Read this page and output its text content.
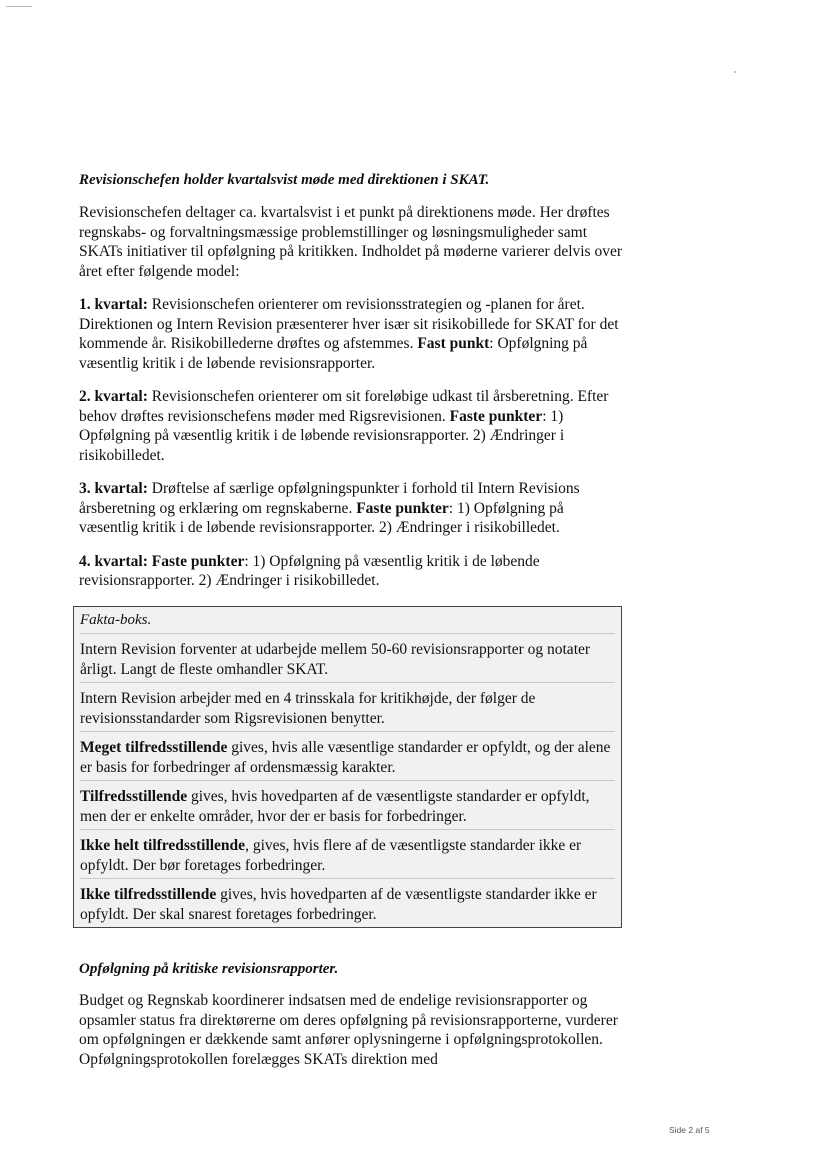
Revisionschefen holder kvartalsvist møde med direktionen i SKAT.

Revisionschefen deltager ca. kvartalsvist i et punkt på direktionens møde. Her drøftes regnskabs- og forvaltningsmæssige problemstillinger og løsningsmuligheder samt SKATs initiativer til opfølgning på kritikken. Indholdet på møderne varierer delvis over året efter følgende model:

1. kvartal: Revisionschefen orienterer om revisionsstrategien og -planen for året. Direktionen og Intern Revision præsenterer hver især sit risikobillede for SKAT for det kommende år. Risikobillederne drøftes og afstemmes. Fast punkt: Opfølgning på væsentlig kritik i de løbende revisionsrapporter.

2. kvartal: Revisionschefen orienterer om sit foreløbige udkast til årsberetning. Efter behov drøftes revisionschefens møder med Rigsrevisionen. Faste punkter: 1) Opfølgning på væsentlig kritik i de løbende revisionsrapporter. 2) Ændringer i risikobilledet.

3. kvartal: Drøftelse af særlige opfølgningspunkter i forhold til Intern Revisions årsberetning og erklæring om regnskaberne. Faste punkter: 1) Opfølgning på væsentlig kritik i de løbende revisionsrapporter. 2) Ændringer i risikobilledet.

4. kvartal: Faste punkter: 1) Opfølgning på væsentlig kritik i de løbende revisionsrapporter. 2) Ændringer i risikobilledet.

Fakta-boks.
Intern Revision forventer at udarbejde mellem 50-60 revisionsrapporter og notater årligt. Langt de fleste omhandler SKAT.
Intern Revision arbejder med en 4 trinsskala for kritikhøjde, der følger de revisionsstandarder som Rigsrevisionen benytter.
Meget tilfredsstillende gives, hvis alle væsentlige standarder er opfyldt, og der alene er basis for forbedringer af ordensmæssig karakter.
Tilfredsstillende gives, hvis hovedparten af de væsentligste standarder er opfyldt, men der er enkelte områder, hvor der er basis for forbedringer.
Ikke helt tilfredsstillende, gives, hvis flere af de væsentligste standarder ikke er opfyldt. Der bør foretages forbedringer.
Ikke tilfredsstillende gives, hvis hovedparten af de væsentligste standarder ikke er opfyldt. Der skal snarest foretages forbedringer.
Opfølgning på kritiske revisionsrapporter.

Budget og Regnskab koordinerer indsatsen med de endelige revisionsrapporter og opsamler status fra direktørerne om deres opfølgning på revisionsrapporterne, vurderer om opfølgningen er dækkende samt anfører oplysningerne i opfølgningsprotokollen. Opfølgningsprotokollen forelægges SKATs direktion med

Side 2 af 5
